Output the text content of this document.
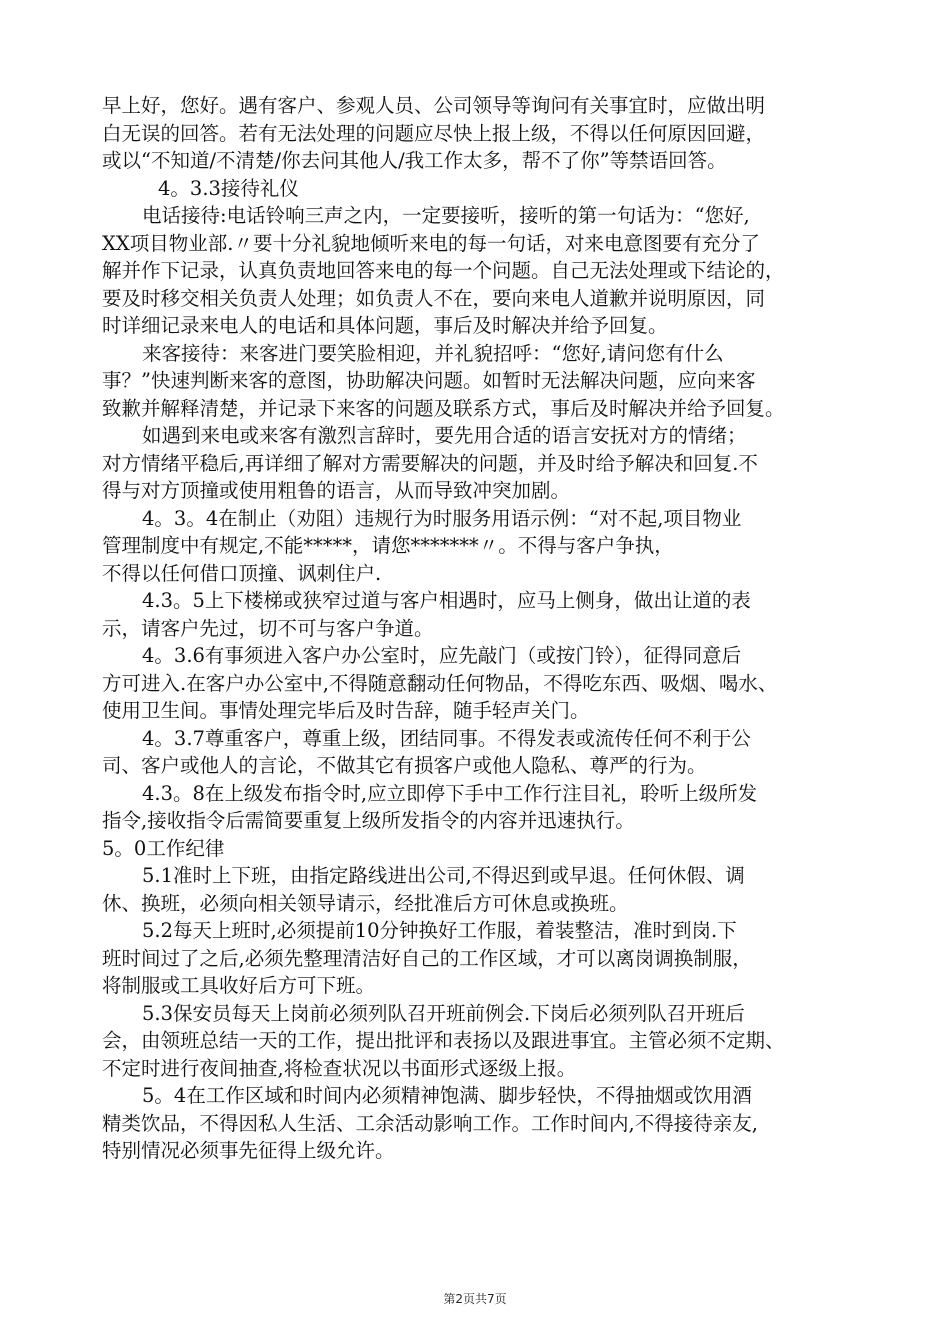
早上好，您好。遇有客户、参观人员、公司领导等询问有关事宜时，应做出明
白无误的回答。若有无法处理的问题应尽快上报上级，不得以任何原因回避，
或以“不知道/不清楚/你去问其他人/我工作太多，帮不了你”等禁语回答。
4。3.3接待礼仪
电话接待:电话铃响三声之内，一定要接听，接听的第一句话为：“您好,
XX项目物业部.〃要十分礼貌地倾听来电的每一句话，对来电意图要有充分了
解并作下记录，认真负责地回答来电的每一个问题。自己无法处理或下结论的，
要及时移交相关负责人处理；如负责人不在，要向来电人道歉并说明原因，同
时详细记录来电人的电话和具体问题，事后及时解决并给予回复。
来客接待：来客进门要笑脸相迎，并礼貌招呼：“您好,请问您有什么
事？”快速判断来客的意图，协助解决问题。如暂时无法解决问题，应向来客
致歉并解释清楚，并记录下来客的问题及联系方式，事后及时解决并给予回复。
如遇到来电或来客有激烈言辞时，要先用合适的语言安抚对方的情绪；
对方情绪平稳后,再详细了解对方需要解决的问题，并及时给予解决和回复.不
得与对方顶撞或使用粗鲁的语言，从而导致冲突加剧。
4。3。4在制止（劝阻）违规行为时服务用语示例：“对不起,项目物业
管理制度中有规定,不能*****，请您*******〃。不得与客户争执，
不得以任何借口顶撞、讽刺住户.
4.3。5上下楼梯或狭窄过道与客户相遇时，应马上侧身，做出让道的表
示，请客户先过，切不可与客户争道。
4。3.6有事须进入客户办公室时，应先敲门（或按门铃），征得同意后
方可进入.在客户办公室中,不得随意翻动任何物品，不得吃东西、吸烟、喝水、
使用卫生间。事情处理完毕后及时告辞，随手轻声关门。
4。3.7尊重客户，尊重上级，团结同事。不得发表或流传任何不利于公
司、客户或他人的言论，不做其它有损客户或他人隐私、尊严的行为。
4.3。8在上级发布指令时,应立即停下手中工作行注目礼，聆听上级所发
指令,接收指令后需简要重复上级所发指令的内容并迅速执行。
5。0工作纪律
5.1准时上下班，由指定路线进出公司,不得迟到或早退。任何休假、调
休、换班，必须向相关领导请示，经批准后方可休息或换班。
5.2每天上班时,必须提前10分钟换好工作服，着装整洁，准时到岗.下
班时间过了之后,必须先整理清洁好自己的工作区域，才可以离岗调换制服，
将制服或工具收好后方可下班。
5.3保安员每天上岗前必须列队召开班前例会.下岗后必须列队召开班后
会，由领班总结一天的工作，提出批评和表扬以及跟进事宜。主管必须不定期、
不定时进行夜间抽查,将检查状况以书面形式逐级上报。
5。4在工作区域和时间内必须精神饱满、脚步轻快，不得抽烟或饮用酒
精类饮品，不得因私人生活、工余活动影响工作。工作时间内,不得接待亲友,
特别情况必须事先征得上级允许。
第2页共7页
